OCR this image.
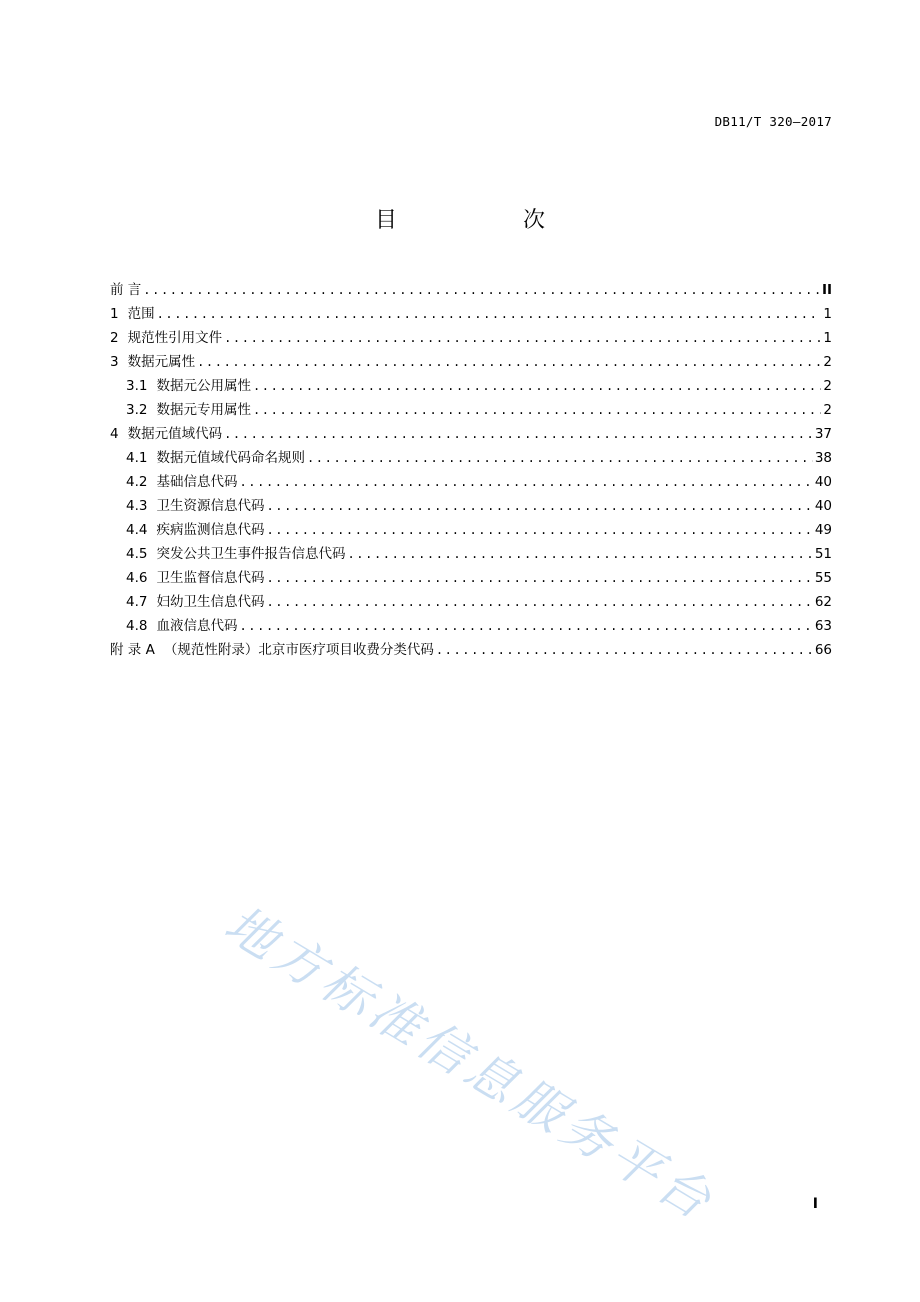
DB11/T 320—2017
目　次
前 言 .....	II
1 范围 .....	1
2 规范性引用文件 .....	1
3 数据元属性 .....	2
3.1 数据元公用属性 .....	2
3.2 数据元专用属性 .....	2
4 数据元值域代码 .....	37
4.1 数据元值域代码命名规则 .....	38
4.2 基础信息代码 .....	40
4.3 卫生资源信息代码 .....	40
4.4 疾病监测信息代码 .....	49
4.5 突发公共卫生事件报告信息代码 .....	51
4.6 卫生监督信息代码 .....	55
4.7 妇幼卫生信息代码 .....	62
4.8 血液信息代码 .....	63
附 录 A （规范性附录）北京市医疗项目收费分类代码 .....	66
地方标准信息服务平台	I
